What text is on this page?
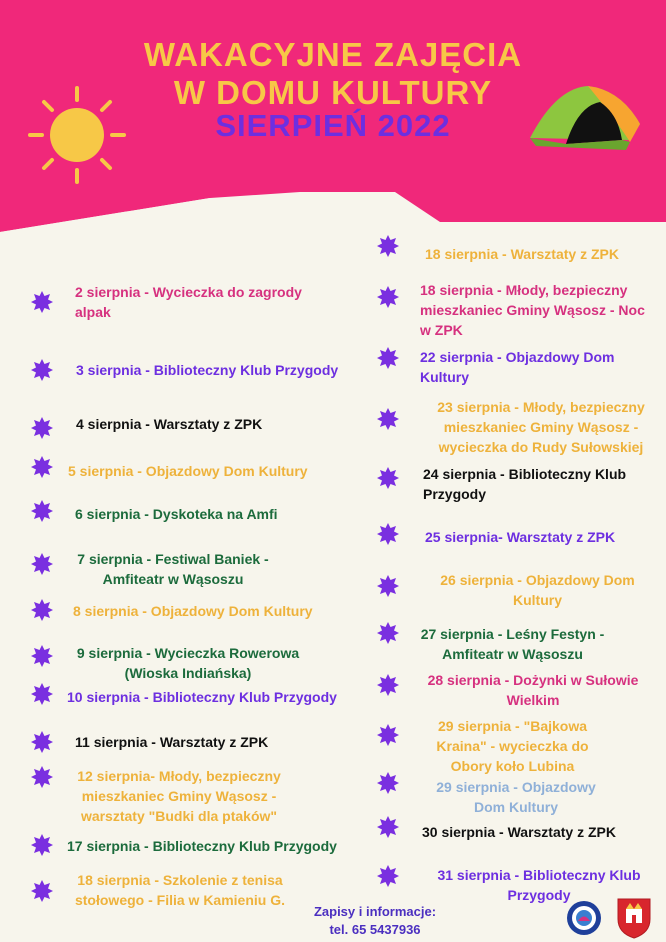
WAKACYJNE ZAJĘCIA
W DOMU KULTURY
SIERPIEŃ 2022

2 sierpnia - Wycieczka do zagrody alpak

3 sierpnia - Biblioteczny Klub Przygody

4 sierpnia - Warsztaty z ZPK

5 sierpnia - Objazdowy Dom Kultury

6 sierpnia - Dyskoteka na Amfi

7 sierpnia - Festiwal Baniek - Amfiteatr w Wąsoszu

8 sierpnia - Objazdowy Dom Kultury

9 sierpnia - Wycieczka Rowerowa (Wioska Indiańska)

10 sierpnia - Biblioteczny Klub Przygody

11 sierpnia - Warsztaty z ZPK

12 sierpnia- Młody, bezpieczny mieszkaniec Gminy Wąsosz - warsztaty "Budki dla ptaków"

17 sierpnia - Biblioteczny Klub Przygody

18 sierpnia - Szkolenie z tenisa stołowego - Filia w Kamieniu G.

18 sierpnia - Warsztaty z ZPK

18 sierpnia - Młody, bezpieczny mieszkaniec Gminy Wąsosz - Noc w ZPK

22 sierpnia - Objazdowy Dom Kultury

23 sierpnia - Młody, bezpieczny mieszkaniec Gminy Wąsosz - wycieczka do Rudy Sułowskiej

24 sierpnia - Biblioteczny Klub Przygody

25 sierpnia- Warsztaty z ZPK

26 sierpnia - Objazdowy Dom Kultury

27 sierpnia - Leśny Festyn - Amfiteatr w Wąsoszu

28 sierpnia - Dożynki w Sułowie Wielkim

29 sierpnia - "Bajkowa Kraina" - wycieczka do Obory koło Lubina

29 sierpnia - Objazdowy Dom Kultury

30 sierpnia - Warsztaty z ZPK

31 sierpnia - Biblioteczny Klub Przygody

Zapisy i informacje:
tel. 65 5437936
